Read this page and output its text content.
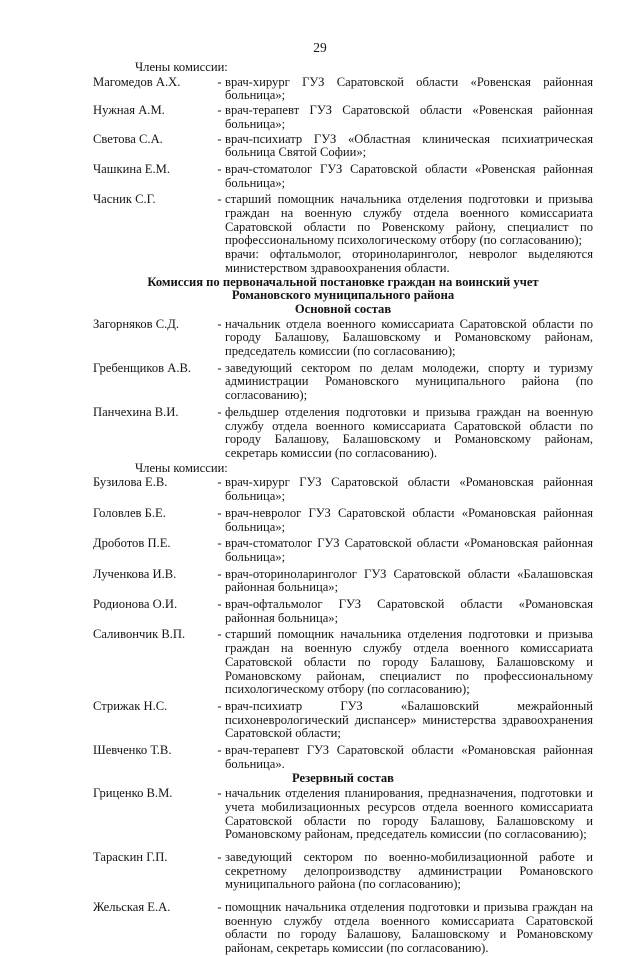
29
Члены комиссии:
Магомедов А.Х.	- врач-хирург ГУЗ Саратовской области «Ровенская районная больница»;
Нужная А.М.	- врач-терапевт ГУЗ Саратовской области «Ровенская районная больница»;
Светова С.А.	- врач-психиатр ГУЗ «Областная клиническая психиатрическая больница Святой Софии»;
Чашкина Е.М.	- врач-стоматолог ГУЗ Саратовской области «Ровенская районная больница»;
Часник С.Г.	- старший помощник начальника отделения подготовки и призыва граждан на военную службу отдела военного комиссариата Саратовской области по Ровенскому району, специалист по профессиональному психологическому отбору (по согласованию);
врачи: офтальмолог, оториноларинголог, невролог выделяются министерством здравоохранения области.
Комиссия по первоначальной постановке граждан на воинский учет
Романовского муниципального района
Основной состав
Загорняков С.Д.	- начальник отдела военного комиссариата Саратовской области по городу Балашову, Балашовскому и Романовскому районам, председатель комиссии (по согласованию);
Гребенщиков А.В.	- заведующий сектором по делам молодежи, спорту и туризму администрации Романовского муниципального района (по согласованию);
Панчехина В.И.	- фельдшер отделения подготовки и призыва граждан на военную службу отдела военного комиссариата Саратовской области по городу Балашову, Балашовскому и Романовскому районам, секретарь комиссии (по согласованию).
Члены комиссии:
Бузилова Е.В.	- врач-хирург ГУЗ Саратовской области «Романовская районная больница»;
Головлев Б.Е.	- врач-невролог ГУЗ Саратовской области «Романовская районная больница»;
Дроботов П.Е.	- врач-стоматолог ГУЗ Саратовской области «Романовская районная больница»;
Лученкова И.В.	- врач-оториноларинголог ГУЗ Саратовской области «Балашовская районная больница»;
Родионова О.И.	- врач-офтальмолог ГУЗ Саратовской области «Романовская районная больница»;
Саливончик В.П.	- старший помощник начальника отделения подготовки и призыва граждан на военную службу отдела военного комиссариата Саратовской области по городу Балашову, Балашовскому и Романовскому районам, специалист по профессиональному психологическому отбору (по согласованию);
Стрижак Н.С.	- врач-психиатр ГУЗ «Балашовский межрайонный психоневрологический диспансер» министерства здравоохранения Саратовской области;
Шевченко Т.В.	- врач-терапевт ГУЗ Саратовской области «Романовская районная больница».
Резервный состав
Гриценко В.М.	- начальник отделения планирования, предназначения, подготовки и учета мобилизационных ресурсов отдела военного комиссариата Саратовской области по городу Балашову, Балашовскому и Романовскому районам, председатель комиссии (по согласованию);
Тараскин Г.П.	- заведующий сектором по военно-мобилизационной работе и секретному делопроизводству администрации Романовского муниципального района (по согласованию);
Жельская Е.А.	- помощник начальника отделения подготовки и призыва граждан на военную службу отдела военного комиссариата Саратовской области по городу Балашову, Балашовскому и Романовскому районам, секретарь комиссии (по согласованию).
